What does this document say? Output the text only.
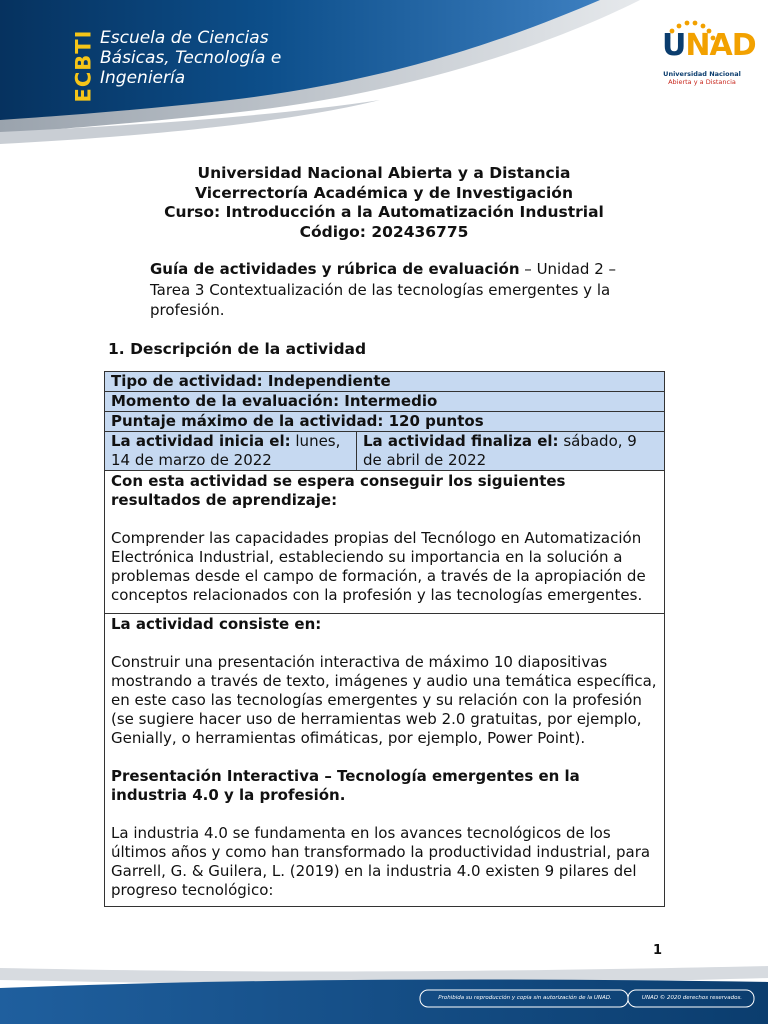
ECBTI Escuela de Ciencias
Básicas, Tecnología e
Ingeniería
UNAD
Universidad Nacional
Abierta y a Distancia
Universidad Nacional Abierta y a Distancia
Vicerrectoría Académica y de Investigación
Curso: Introducción a la Automatización Industrial
Código: 202436775
Guía de actividades y rúbrica de evaluación – Unidad 2 – Tarea 3 Contextualización de las tecnologías emergentes y la profesión.
1. Descripción de la actividad
Tipo de actividad: Independiente
Momento de la evaluación: Intermedio
Puntaje máximo de la actividad: 120 puntos
La actividad inicia el: lunes, 14 de marzo de 2022	La actividad finaliza el: sábado, 9 de abril de 2022

Con esta actividad se espera conseguir los siguientes resultados de aprendizaje:

Comprender las capacidades propias del Tecnólogo en Automatización Electrónica Industrial, estableciendo su importancia en la solución a problemas desde el campo de formación, a través de la apropiación de conceptos relacionados con la profesión y las tecnologías emergentes.

La actividad consiste en:

Construir una presentación interactiva de máximo 10 diapositivas mostrando a través de texto, imágenes y audio una temática específica, en este caso las tecnologías emergentes y su relación con la profesión (se sugiere hacer uso de herramientas web 2.0 gratuitas, por ejemplo, Genially, o herramientas ofimáticas, por ejemplo, Power Point).

Presentación Interactiva – Tecnología emergentes en la industria 4.0 y la profesión.

La industria 4.0 se fundamenta en los avances tecnológicos de los últimos años y como han transformado la productividad industrial, para Garrell, G. & Guilera, L. (2019) en la industria 4.0 existen 9 pilares del progreso tecnológico:

1
Prohibida su reproducción y copia sin autorización de la UNAD.	UNAD © 2020 derechos reservados.
